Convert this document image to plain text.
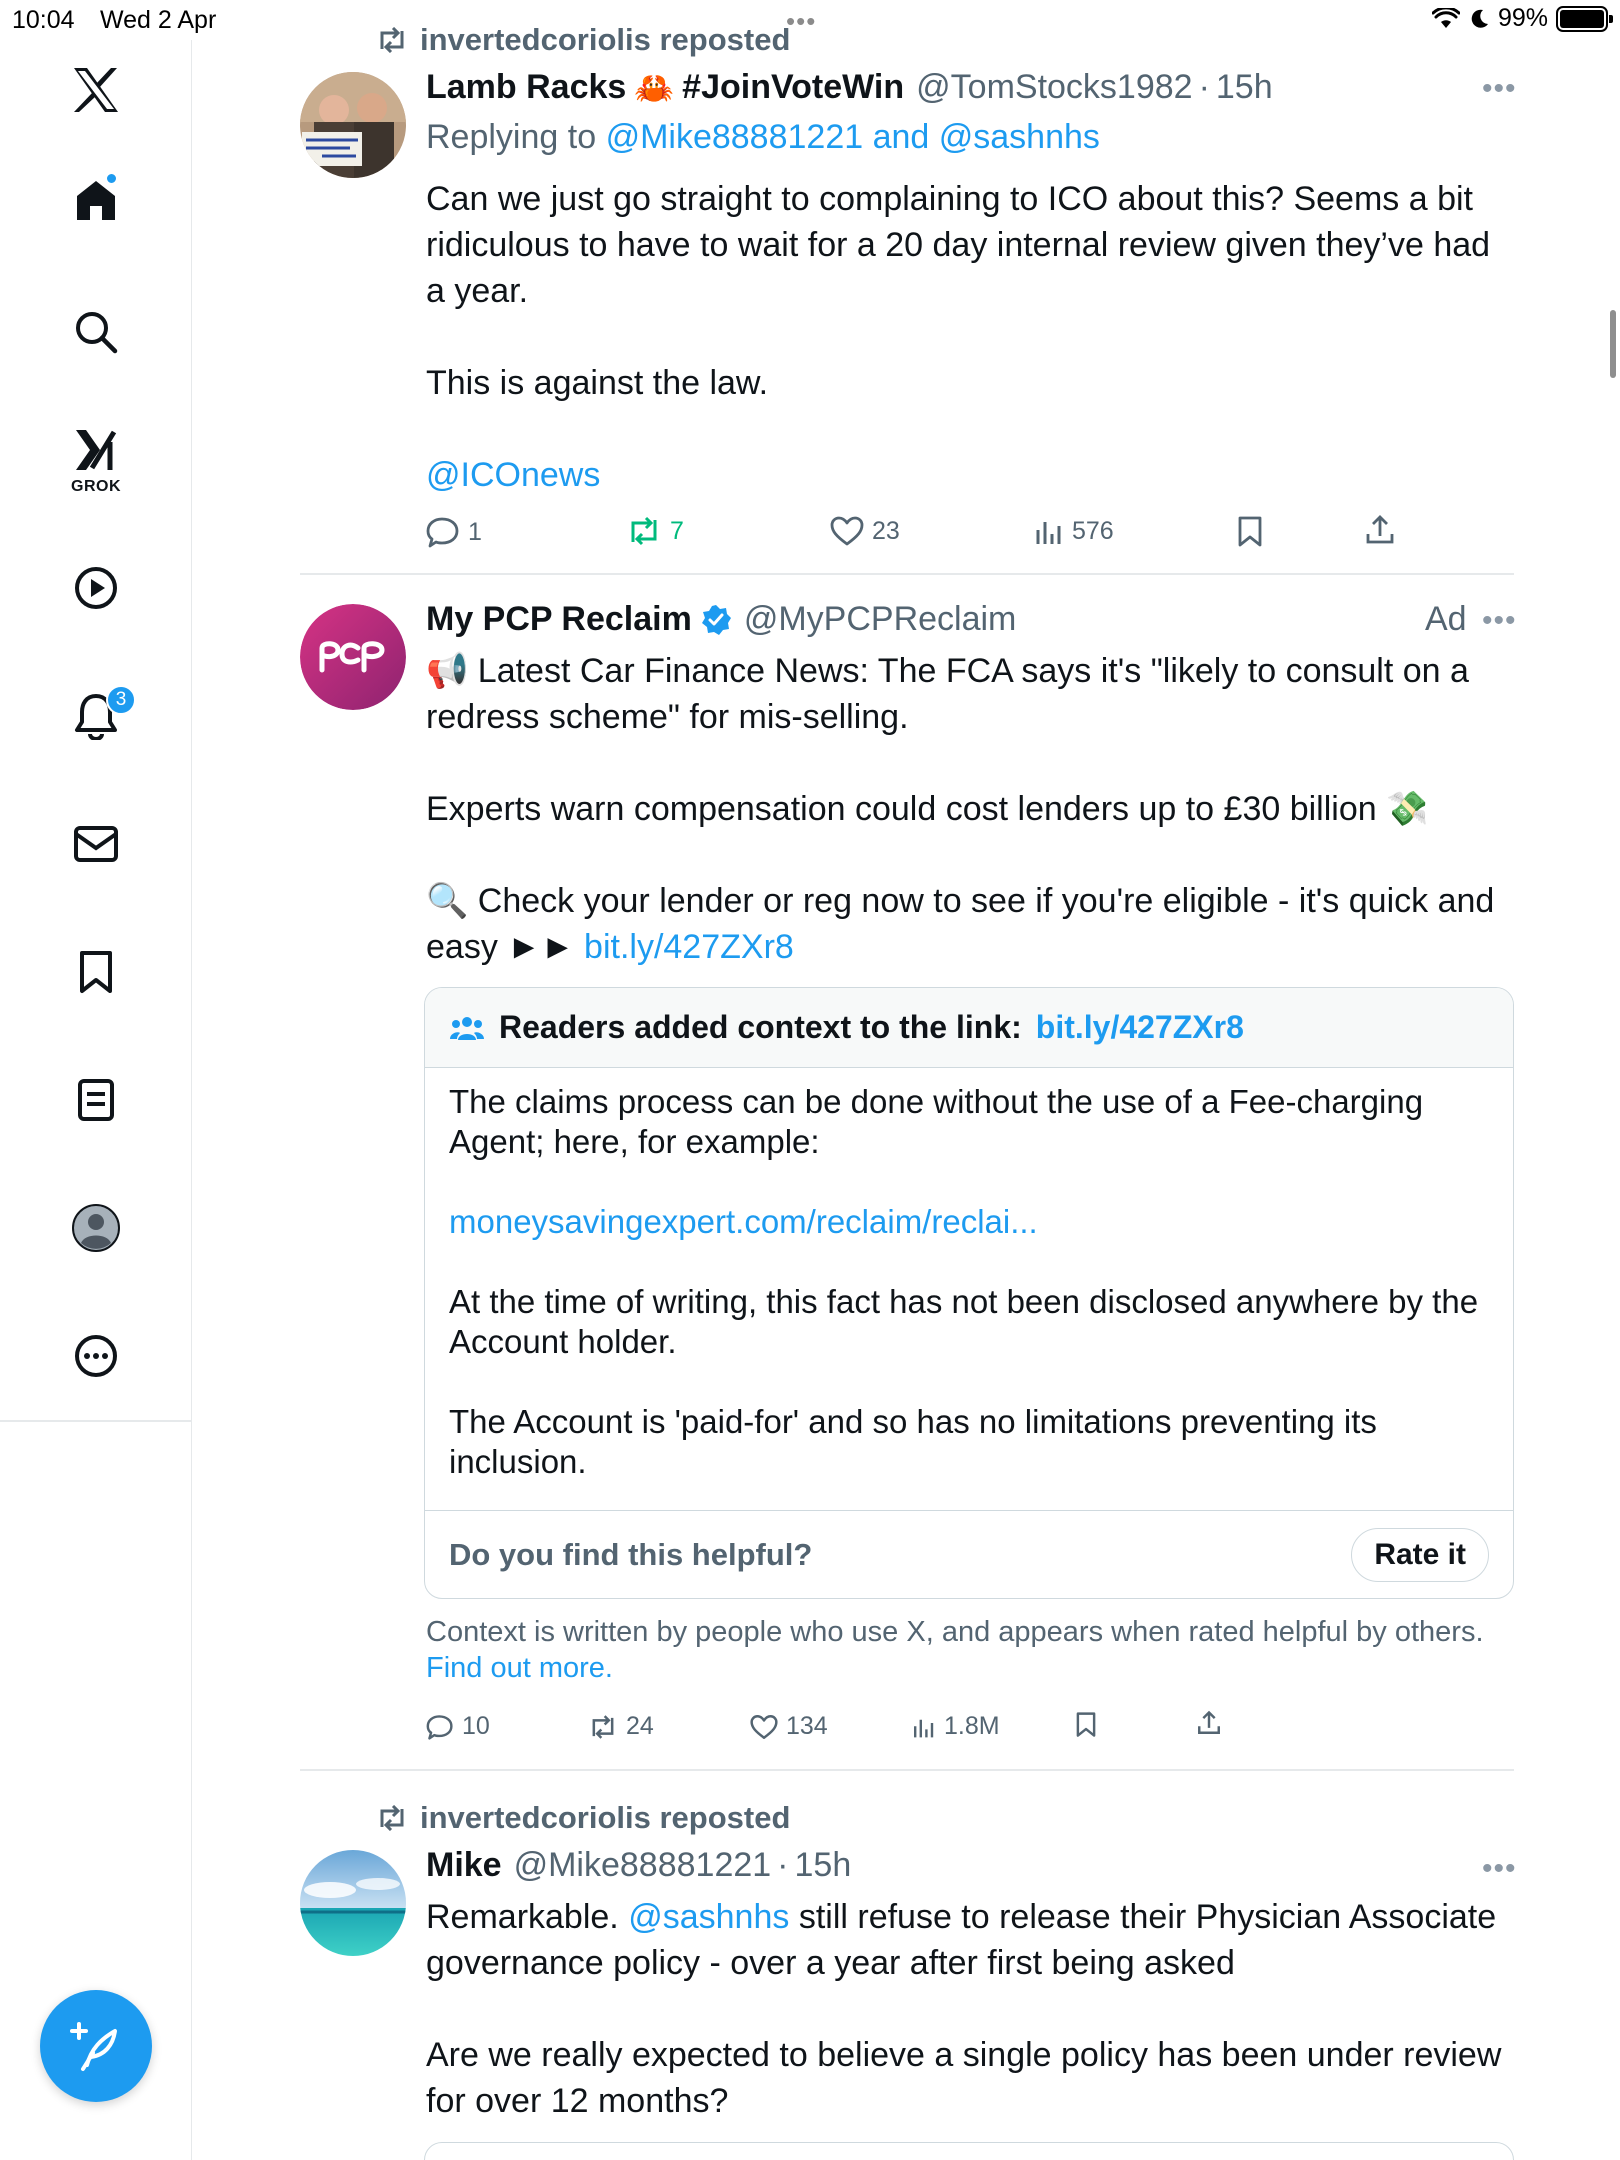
10:04 Wed 2 Apr	•••	99%
GROK
3
invertedcoriolis reposted
Lamb Racks 🦀 #JoinVoteWin @TomStocks1982 · 15h	•••
Replying to @Mike88881221 and @sashnhs
Can we just go straight to complaining to ICO about this? Seems a bit ridiculous to have to wait for a 20 day internal review given they’ve had a year.
This is against the law.
@ICOnews
1	7	23	576
My PCP Reclaim @MyPCPReclaim	Ad •••
📢 Latest Car Finance News: The FCA says it's "likely to consult on a redress scheme" for mis-selling.
Experts warn compensation could cost lenders up to £30 billion 💸
🔍 Check your lender or reg now to see if you're eligible - it's quick and easy ►► bit.ly/427ZXr8
Readers added context to the link: bit.ly/427ZXr8

The claims process can be done without the use of a Fee-charging Agent; here, for example:

moneysavingexpert.com/reclaim/reclai...

At the time of writing, this fact has not been disclosed anywhere by the Account holder.

The Account is 'paid-for' and so has no limitations preventing its inclusion.

Do you find this helpful?	Rate it
Context is written by people who use X, and appears when rated helpful by others. Find out more.
10	24	134	1.8M
invertedcoriolis reposted
Mike @Mike88881221 · 15h	•••
Remarkable. @sashnhs still refuse to release their Physician Associate governance policy - over a year after first being asked
Are we really expected to believe a single policy has been under review for over 12 months?
